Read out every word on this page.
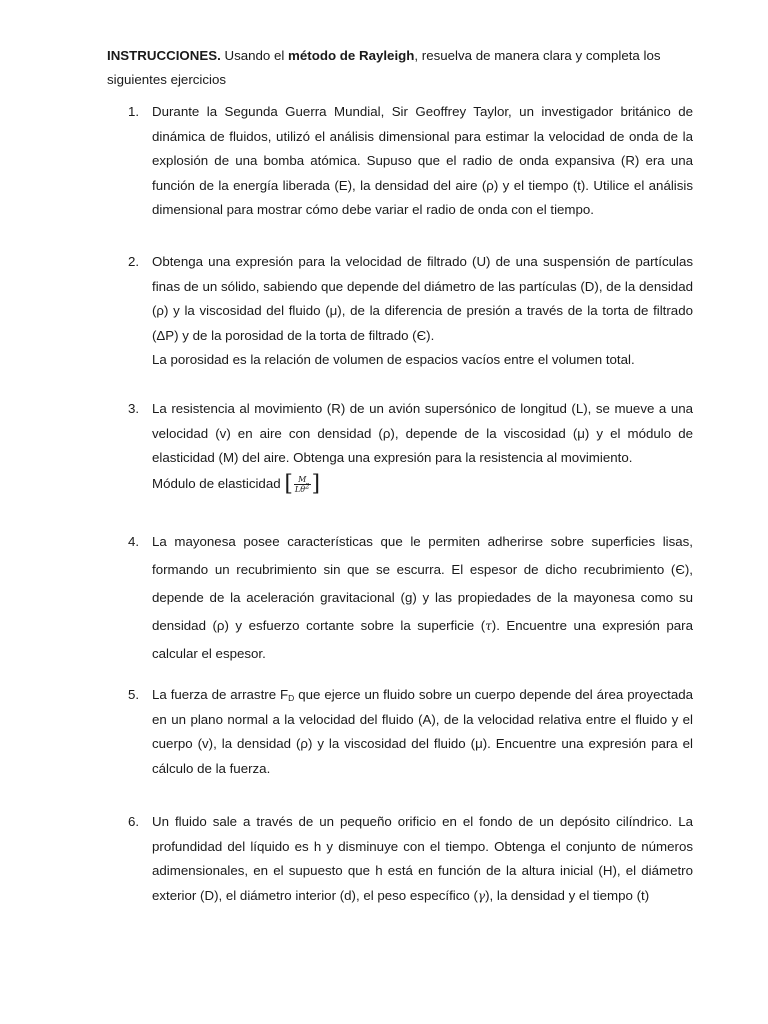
INSTRUCCIONES. Usando el método de Rayleigh, resuelva de manera clara y completa los siguientes ejercicios

1. Durante la Segunda Guerra Mundial, Sir Geoffrey Taylor, un investigador británico de dinámica de fluidos, utilizó el análisis dimensional para estimar la velocidad de onda de la explosión de una bomba atómica. Supuso que el radio de onda expansiva (R) era una función de la energía liberada (E), la densidad del aire (ρ) y el tiempo (t). Utilice el análisis dimensional para mostrar cómo debe variar el radio de onda con el tiempo.

2. Obtenga una expresión para la velocidad de filtrado (U) de una suspensión de partículas finas de un sólido, sabiendo que depende del diámetro de las partículas (D), de la densidad (ρ) y la viscosidad del fluido (μ), de la diferencia de presión a través de la torta de filtrado (ΔP) y de la porosidad de la torta de filtrado (Є).

La porosidad es la relación de volumen de espacios vacíos entre el volumen total.

3. La resistencia al movimiento (R) de un avión supersónico de longitud (L), se mueve a una velocidad (v) en aire con densidad (ρ), depende de la viscosidad (μ) y el módulo de elasticidad (M) del aire. Obtenga una expresión para la resistencia al movimiento.

Módulo de elasticidad [ $\frac{M}{L\theta^2}$ ]

4. La mayonesa posee características que le permiten adherirse sobre superficies lisas, formando un recubrimiento sin que se escurra. El espesor de dicho recubrimiento (Є), depende de la aceleración gravitacional (g) y las propiedades de la mayonesa como su densidad (ρ) y esfuerzo cortante sobre la superficie (τ). Encuentre una expresión para calcular el espesor.

5. La fuerza de arrastre $F_D$ que ejerce un fluido sobre un cuerpo depende del área proyectada en un plano normal a la velocidad del fluido (A), de la velocidad relativa entre el fluido y el cuerpo (v), la densidad (ρ) y la viscosidad del fluido (μ). Encuentre una expresión para el cálculo de la fuerza.

6. Un fluido sale a través de un pequeño orificio en el fondo de un depósito cilíndrico. La profundidad del líquido es h y disminuye con el tiempo. Obtenga el conjunto de números adimensionales, en el supuesto que h está en función de la altura inicial (H), el diámetro exterior (D), el diámetro interior (d), el peso específico (γ), la densidad y el tiempo (t)
